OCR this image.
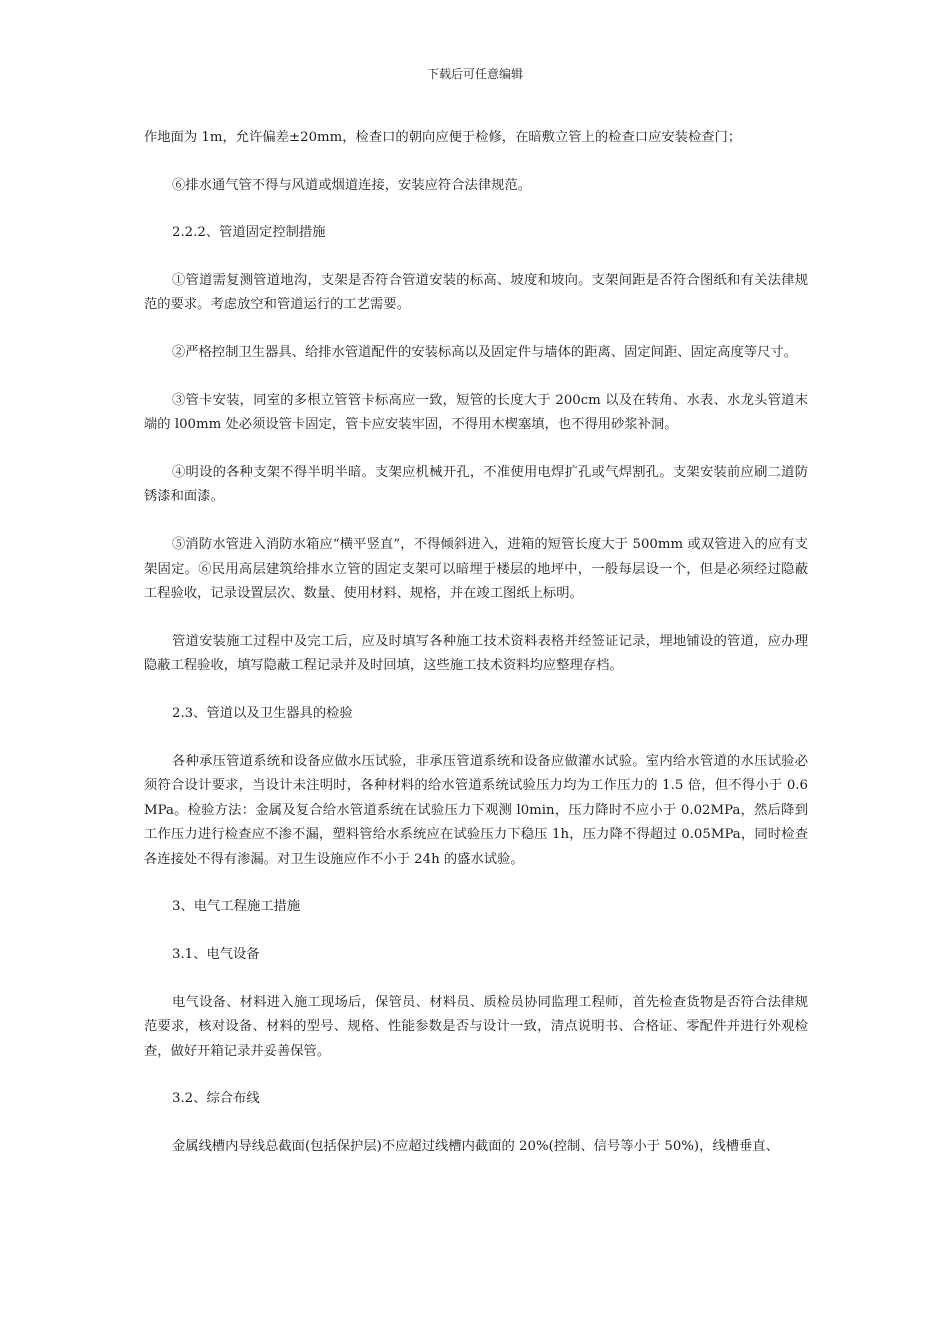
下载后可任意编辑

作地面为 1m，允许偏差±20mm，检查口的朝向应便于检修，在暗敷立管上的检查口应安装检查门；

⑥排水通气管不得与风道或烟道连接，安装应符合法律规范。

2.2.2、管道固定控制措施

①管道需复测管道地沟，支架是否符合管道安装的标高、坡度和坡向。支架间距是否符合图纸和有关法律规范的要求。考虑放空和管道运行的工艺需要。

②严格控制卫生器具、给排水管道配件的安装标高以及固定件与墙体的距离、固定间距、固定高度等尺寸。

③管卡安装，同室的多根立管管卡标高应一致，短管的长度大于 200cm 以及在转角、水表、水龙头管道末端的 l00mm 处必须设管卡固定，管卡应安装牢固，不得用木楔塞填，也不得用砂浆补洞。

④明设的各种支架不得半明半暗。支架应机械开孔，不准使用电焊扩孔或气焊割孔。支架安装前应刷二道防锈漆和面漆。

⑤消防水管进入消防水箱应“横平竖直”，不得倾斜进入，进箱的短管长度大于 500mm 或双管进入的应有支架固定。⑥民用高层建筑给排水立管的固定支架可以暗埋于楼层的地坪中，一般每层设一个，但是必须经过隐蔽工程验收，记录设置层次、数量、使用材料、规格，并在竣工图纸上标明。

管道安装施工过程中及完工后，应及时填写各种施工技术资料表格并经签证记录，埋地铺设的管道，应办理隐蔽工程验收，填写隐蔽工程记录并及时回填，这些施工技术资料均应整理存档。

2.3、管道以及卫生器具的检验

各种承压管道系统和设备应做水压试验，非承压管道系统和设备应做灌水试验。室内给水管道的水压试验必须符合设计要求，当设计未注明时，各种材料的给水管道系统试验压力均为工作压力的 1.5 倍，但不得小于 0.6MPa。检验方法：金属及复合给水管道系统在试验压力下观测 l0min，压力降时不应小于 0.02MPa，然后降到工作压力进行检查应不渗不漏，塑料管给水系统应在试验压力下稳压 1h，压力降不得超过 0.05MPa，同时检查各连接处不得有渗漏。对卫生设施应作不小于 24h 的盛水试验。

3、电气工程施工措施

3.1、电气设备

电气设备、材料进入施工现场后，保管员、材料员、质检员协同监理工程师，首先检查货物是否符合法律规范要求，核对设备、材料的型号、规格、性能参数是否与设计一致，清点说明书、合格证、零配件并进行外观检查，做好开箱记录并妥善保管。

3.2、综合布线

金属线槽内导线总截面(包括保护层)不应超过线槽内截面的 20%(控制、信号等小于 50%)，线槽垂直、
